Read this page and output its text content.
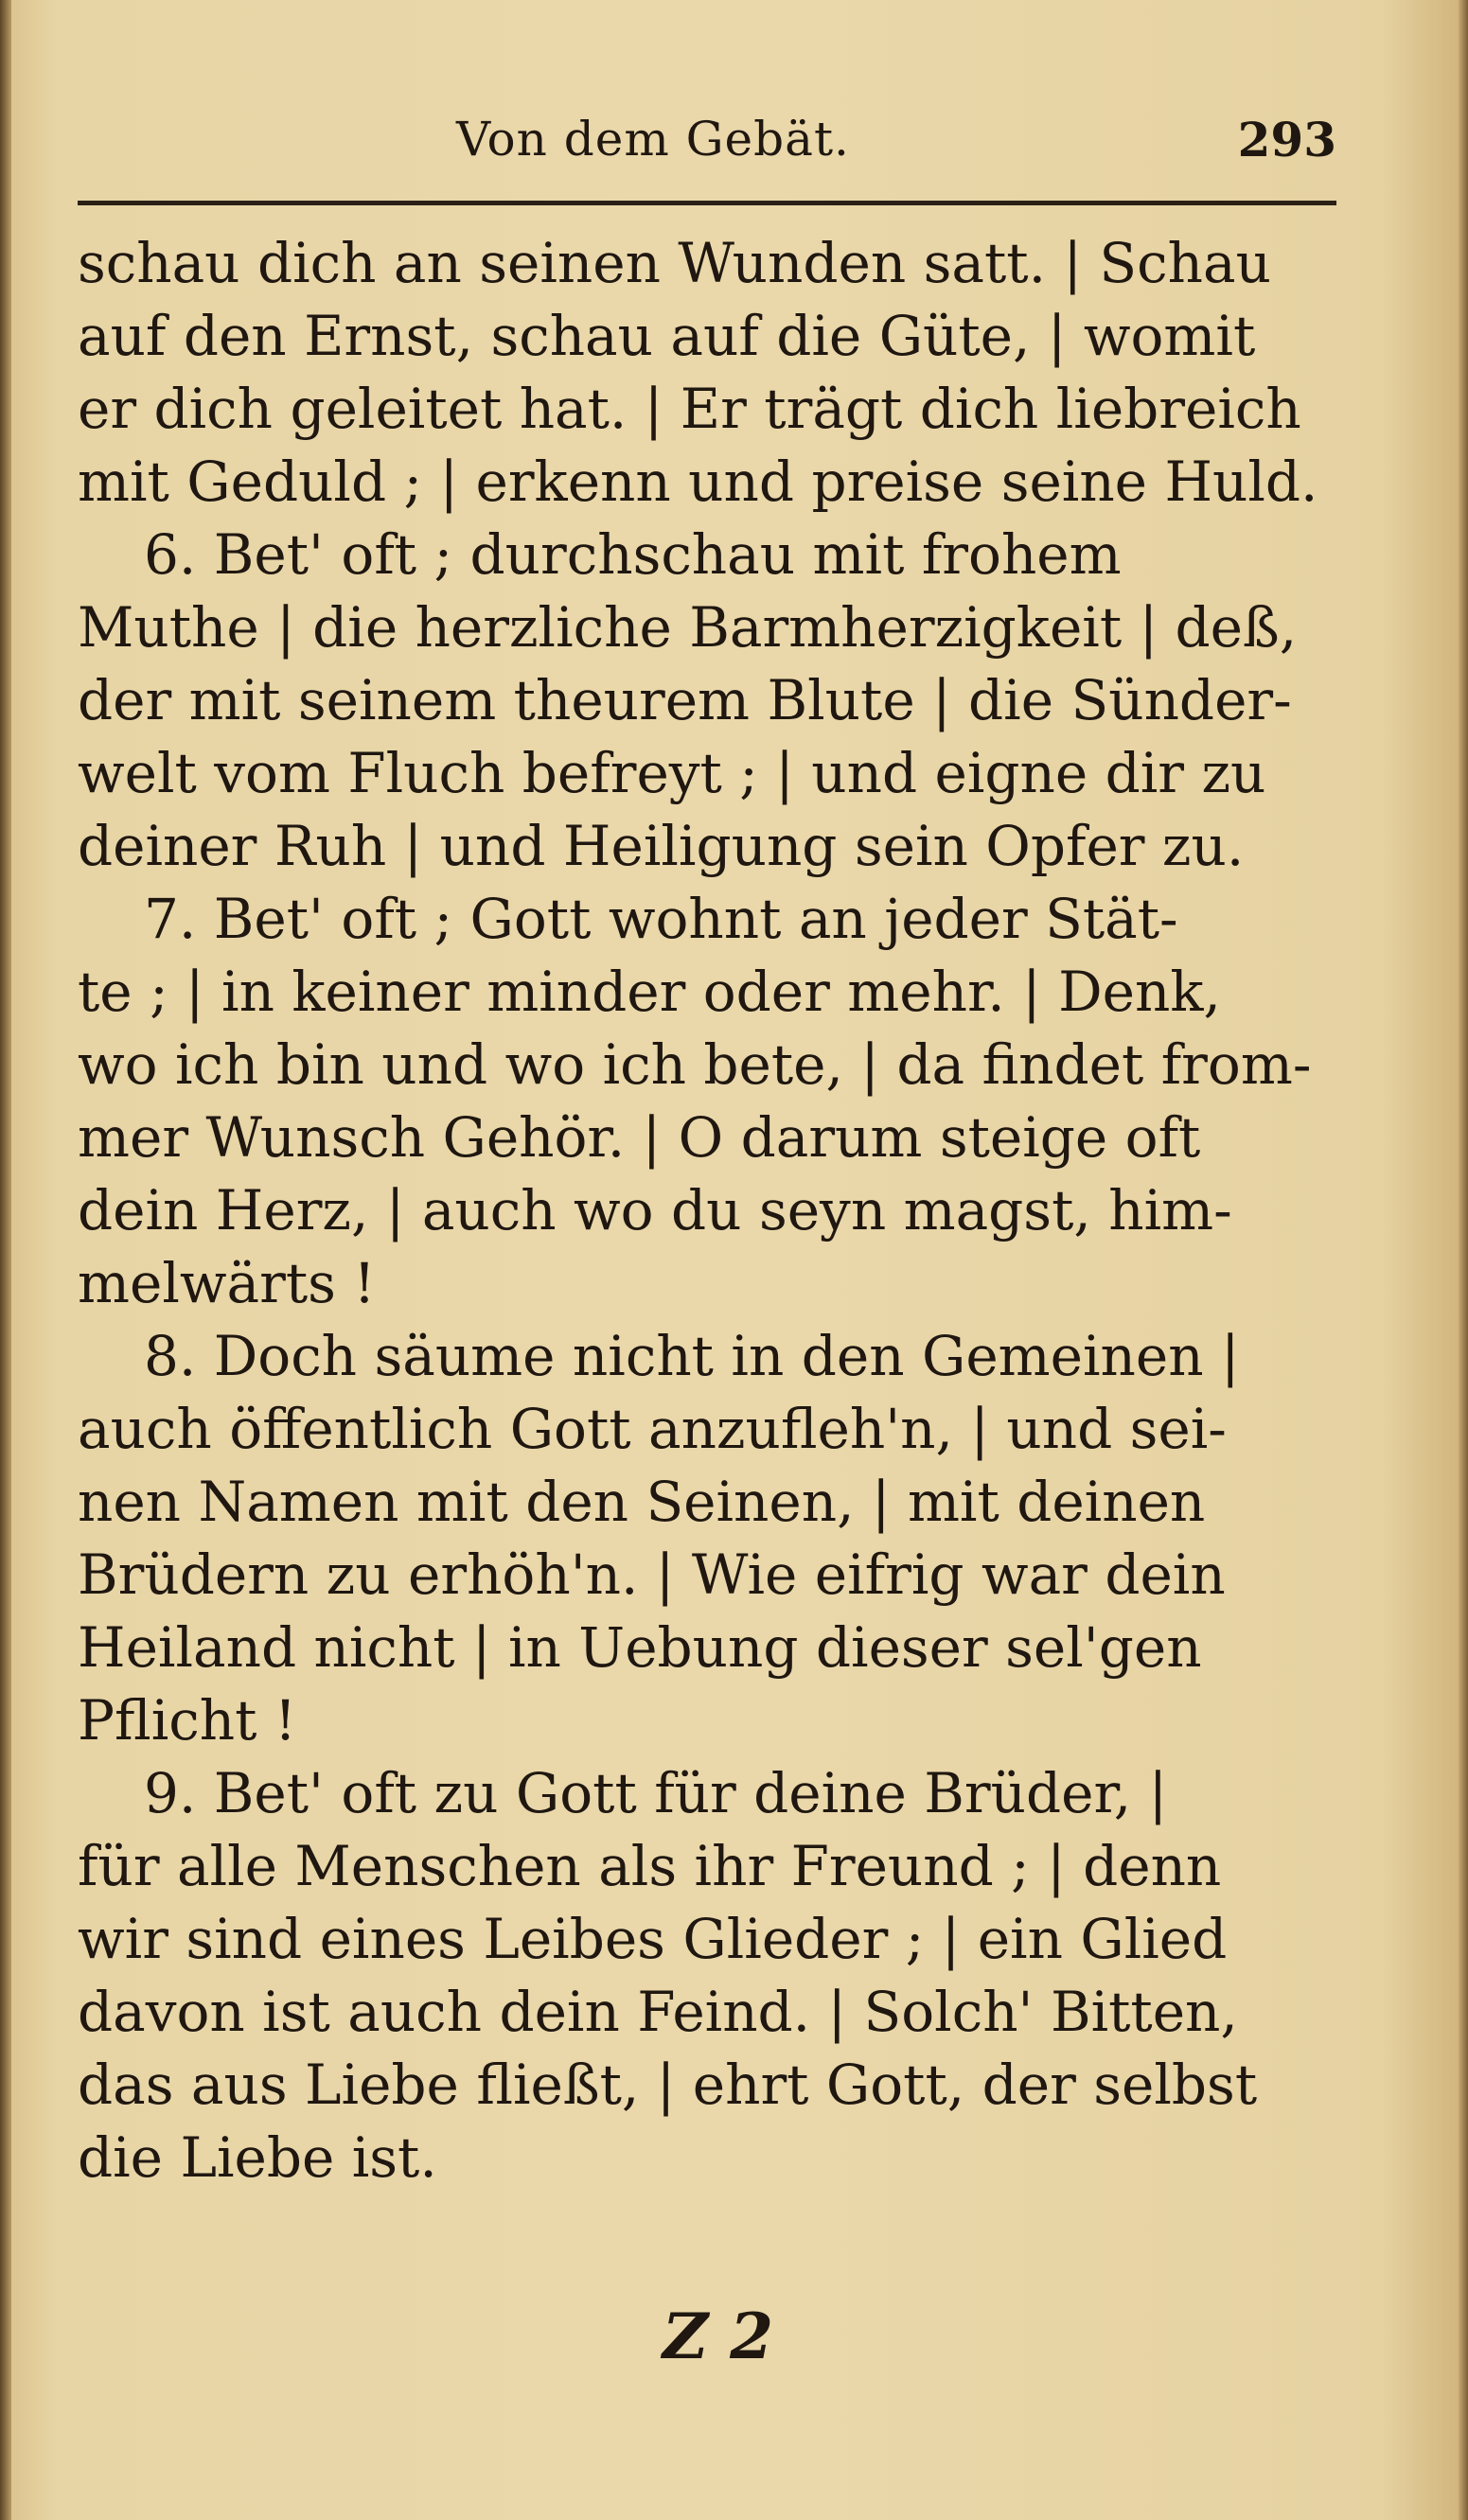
Von dem Gebät.	293
schau dich an seinen Wunden satt. | Schau
auf den Ernst, schau auf die Güte, | womit
er dich geleitet hat. | Er trägt dich liebreich
mit Geduld ; | erkenn und preise seine Huld.
6. Bet' oft ; durchschau mit frohem
Muthe | die herzliche Barmherzigkeit | deß,
der mit seinem theurem Blute | die Sünder-
welt vom Fluch befreyt ; | und eigne dir zu
deiner Ruh | und Heiligung sein Opfer zu.
7. Bet' oft ; Gott wohnt an jeder Stät-
te ; | in keiner minder oder mehr. | Denk,
wo ich bin und wo ich bete, | da findet from-
mer Wunsch Gehör. | O darum steige oft
dein Herz, | auch wo du seyn magst, him-
melwärts !
8. Doch säume nicht in den Gemeinen |
auch öffentlich Gott anzufleh'n, | und sei-
nen Namen mit den Seinen, | mit deinen
Brüdern zu erhöh'n. | Wie eifrig war dein
Heiland nicht | in Uebung dieser sel'gen
Pflicht !
9. Bet' oft zu Gott für deine Brüder, |
für alle Menschen als ihr Freund ; | denn
wir sind eines Leibes Glieder ; | ein Glied
davon ist auch dein Feind. | Solch' Bitten,
das aus Liebe fließt, | ehrt Gott, der selbst
die Liebe ist.
Z 2
